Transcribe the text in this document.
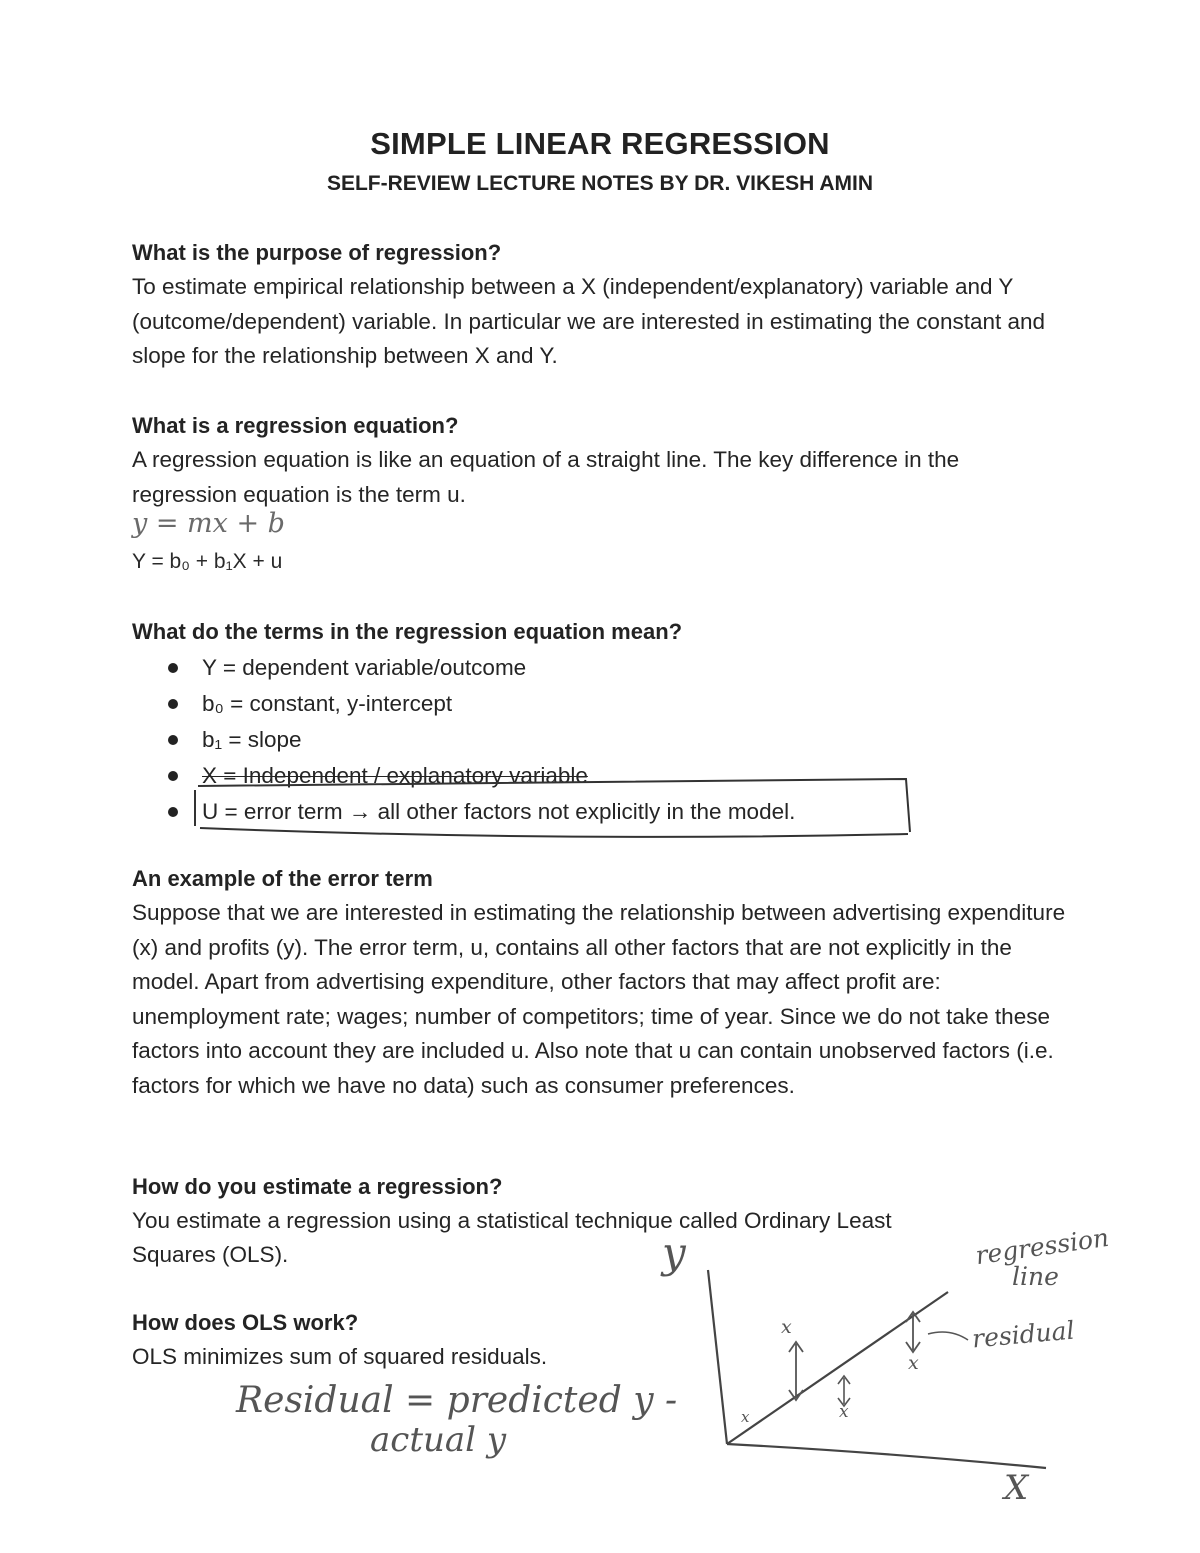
SIMPLE LINEAR REGRESSION
SELF-REVIEW LECTURE NOTES BY DR. VIKESH AMIN
What is the purpose of regression?
To estimate empirical relationship between a X (independent/explanatory) variable and Y (outcome/dependent) variable. In particular we are interested in estimating the constant and slope for the relationship between X and Y.
What is a regression equation?
A regression equation is like an equation of a straight line. The key difference in the regression equation is the term u.
y = mx + b
Y = b₀ + b₁X + u
What do the terms in the regression equation mean?
Y = dependent variable/outcome
b₀ = constant, y-intercept
b₁ = slope
X = Independent / explanatory variable
U = error term → all other factors not explicitly in the model.
An example of the error term
Suppose that we are interested in estimating the relationship between advertising expenditure (x) and profits (y). The error term, u, contains all other factors that are not explicitly in the model. Apart from advertising expenditure, other factors that may affect profit are: unemployment rate; wages; number of competitors; time of year. Since we do not take these factors into account they are included u. Also note that u can contain unobserved factors (i.e. factors for which we have no data) such as consumer preferences.
How do you estimate a regression?
You estimate a regression using a statistical technique called Ordinary Least
Squares (OLS).
How does OLS work?
OLS minimizes sum of squared residuals.
Residual = predicted y -
actual y
y
X
regression
line
residual
x
x
x
x
